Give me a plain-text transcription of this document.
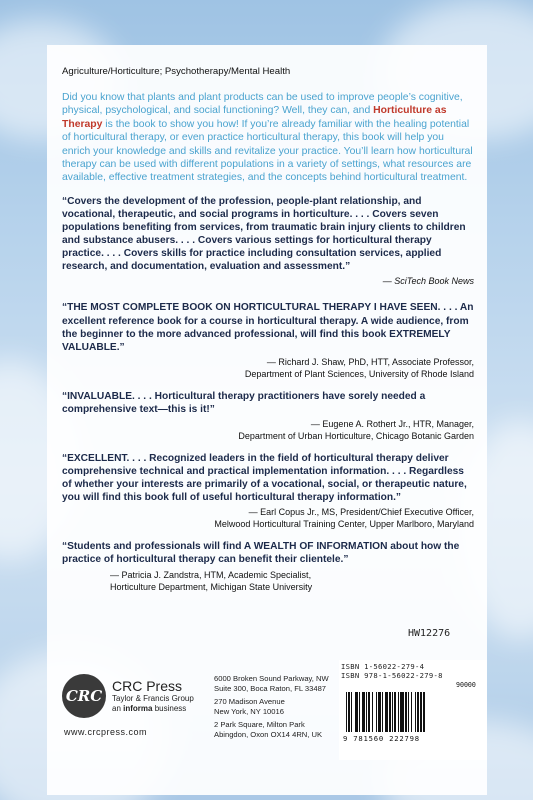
Agriculture/Horticulture; Psychotherapy/Mental Health

Did you know that plants and plant products can be used to improve people’s cognitive, physical, psychological, and social functioning? Well, they can, and Horticulture as Therapy is the book to show you how! If you’re already familiar with the healing potential of horticultural therapy, or even practice horticultural therapy, this book will help you enrich your knowledge and skills and revitalize your practice. You’ll learn how horticultural therapy can be used with different populations in a variety of settings, what resources are available, effective treatment strategies, and the concepts behind horticultural treatment.

“Covers the development of the profession, people-plant relationship, and vocational, therapeutic, and social programs in horticulture. . . . Covers seven populations benefiting from services, from traumatic brain injury clients to children and substance abusers. . . . Covers various settings for horticultural therapy practice. . . . Covers skills for practice including consultation services, applied research, and documentation, evaluation and assessment.”

— SciTech Book News

“THE MOST COMPLETE BOOK ON HORTICULTURAL THERAPY I HAVE SEEN. . . . An excellent reference book for a course in horticultural therapy. A wide audience, from the beginner to the more advanced professional, will find this book EXTREMELY VALUABLE.”

— Richard J. Shaw, PhD, HTT, Associate Professor,
Department of Plant Sciences, University of Rhode Island

“INVALUABLE. . . . Horticultural therapy practitioners have sorely needed a comprehensive text—this is it!”

— Eugene A. Rothert Jr., HTR, Manager,
Department of Urban Horticulture, Chicago Botanic Garden

“EXCELLENT. . . . Recognized leaders in the field of horticultural therapy deliver comprehensive technical and practical implementation information. . . . Regardless of whether your interests are primarily of a vocational, social, or therapeutic nature, you will find this book full of useful horticultural therapy information.”

— Earl Copus Jr., MS, President/Chief Executive Officer,
Melwood Horticultural Training Center, Upper Marlboro, Maryland

“Students and professionals will find A WEALTH OF INFORMATION about how the practice of horticultural therapy can benefit their clientele.”

— Patricia J. Zandstra, HTM, Academic Specialist,
Horticulture Department, Michigan State University

HW12276
CRC
CRC Press
Taylor & Francis Group
an informa business
www.crcpress.com
6000 Broken Sound Parkway, NW
Suite 300, Boca Raton, FL 33487
270 Madison Avenue
New York, NY 10016
2 Park Square, Milton Park
Abingdon, Oxon OX14 4RN, UK
ISBN 1-56022-279-4
ISBN 978-1-56022-279-8
90000
9 781560 222798
